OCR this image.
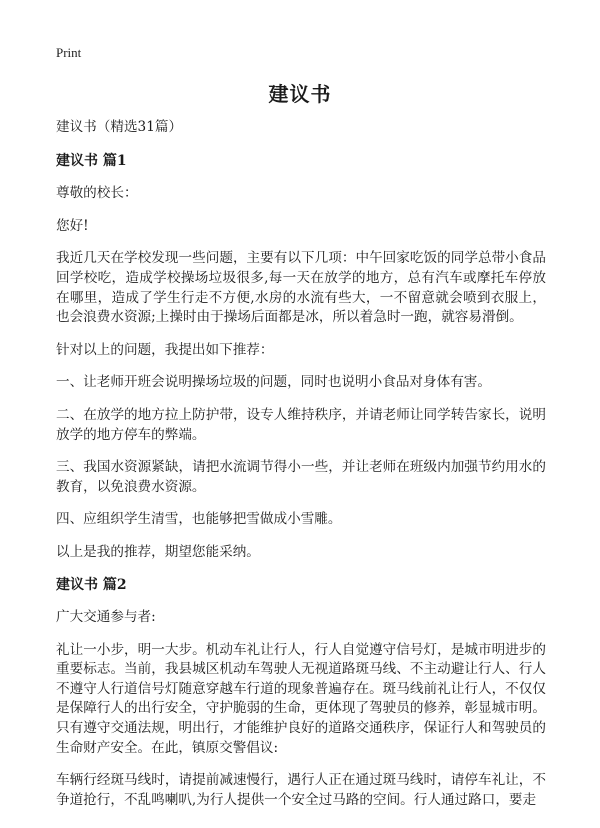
Print
建议书

建议书（精选31篇）

建议书 篇1

尊敬的校长：

您好!

我近几天在学校发现一些问题，主要有以下几项：中午回家吃饭的同学总带小食品回学校吃，造成学校操场垃圾很多,每一天在放学的地方，总有汽车或摩托车停放在哪里，造成了学生行走不方便,水房的水流有些大，一不留意就会喷到衣服上，也会浪费水资源;上操时由于操场后面都是冰，所以着急时一跑，就容易滑倒。

针对以上的问题，我提出如下推荐：

一、让老师开班会说明操场垃圾的问题，同时也说明小食品对身体有害。

二、在放学的地方拉上防护带，设专人维持秩序，并请老师让同学转告家长，说明放学的地方停车的弊端。

三、我国水资源紧缺，请把水流调节得小一些，并让老师在班级内加强节约用水的教育，以免浪费水资源。

四、应组织学生清雪，也能够把雪做成小雪雕。

以上是我的推荐，期望您能采纳。

建议书 篇2

广大交通参与者:

礼让一小步，明一大步。机动车礼让行人，行人自觉遵守信号灯，是城市明进步的重要标志。当前，我县城区机动车驾驶人无视道路斑马线、不主动避让行人、行人不遵守人行道信号灯随意穿越车行道的现象普遍存在。斑马线前礼让行人，不仅仅是保障行人的出行安全，守护脆弱的生命，更体现了驾驶员的修养，彰显城市明。只有遵守交通法规，明出行，才能维护良好的道路交通秩序，保证行人和驾驶员的生命财产安全。在此，镇原交警倡议:

车辆行经斑马线时，请提前减速慢行，遇行人正在通过斑马线时，请停车礼让，不争道抢行，不乱鸣喇叭,为行人提供一个安全过马路的空间。行人通过路口，要走
